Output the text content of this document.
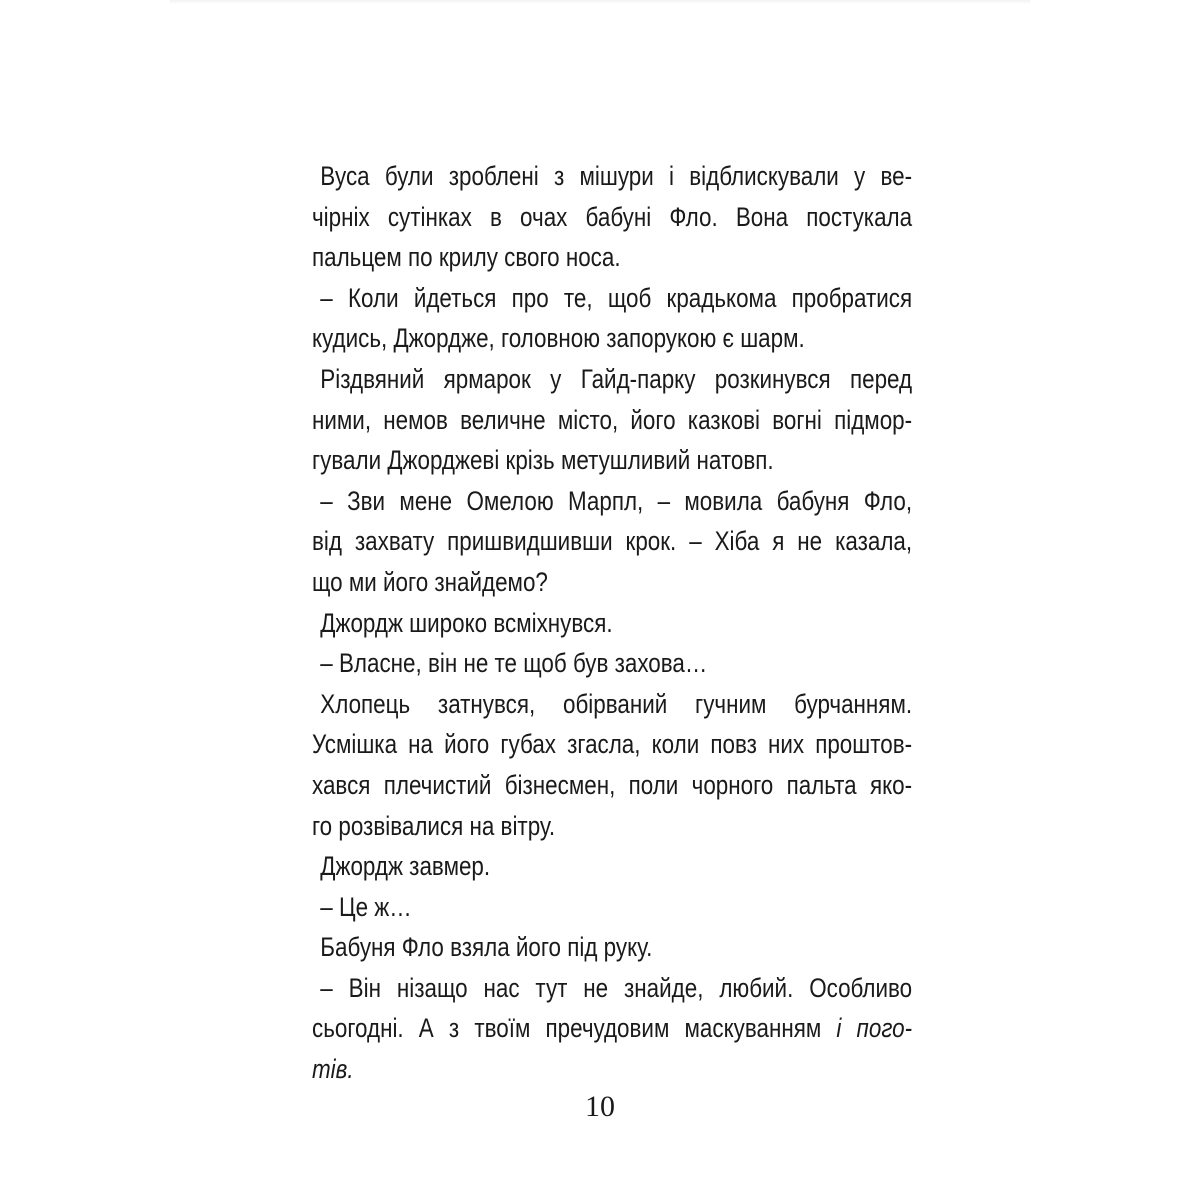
Вуса були зроблені з мішури і відблискували у ве-
чірніх сутінках в очах бабуні Фло. Вона постукала
пальцем по крилу свого носа.
– Коли йдеться про те, щоб крадькома пробратися
кудись, Джордже, головною запорукою є шарм.
Різдвяний ярмарок у Гайд-парку розкинувся перед
ними, немов величне місто, його казкові вогні підмор-
гували Джорджеві крізь метушливий натовп.
– Зви мене Омелою Марпл, – мовила бабуня Фло,
від захвату пришвидшивши крок. – Хіба я не казала,
що ми його знайдемо?
Джордж широко всміхнувся.
– Власне, він не те щоб був захова…
Хлопець затнувся, обірваний гучним бурчанням.
Усмішка на його губах згасла, коли повз них проштов-
хався плечистий бізнесмен, поли чорного пальта яко-
го розвівалися на вітру.
Джордж завмер.
– Це ж…
Бабуня Фло взяла його під руку.
– Він нізащо нас тут не знайде, любий. Особливо
сьогодні. А з твоїм пречудовим маскуванням і пого-
тів.
10
